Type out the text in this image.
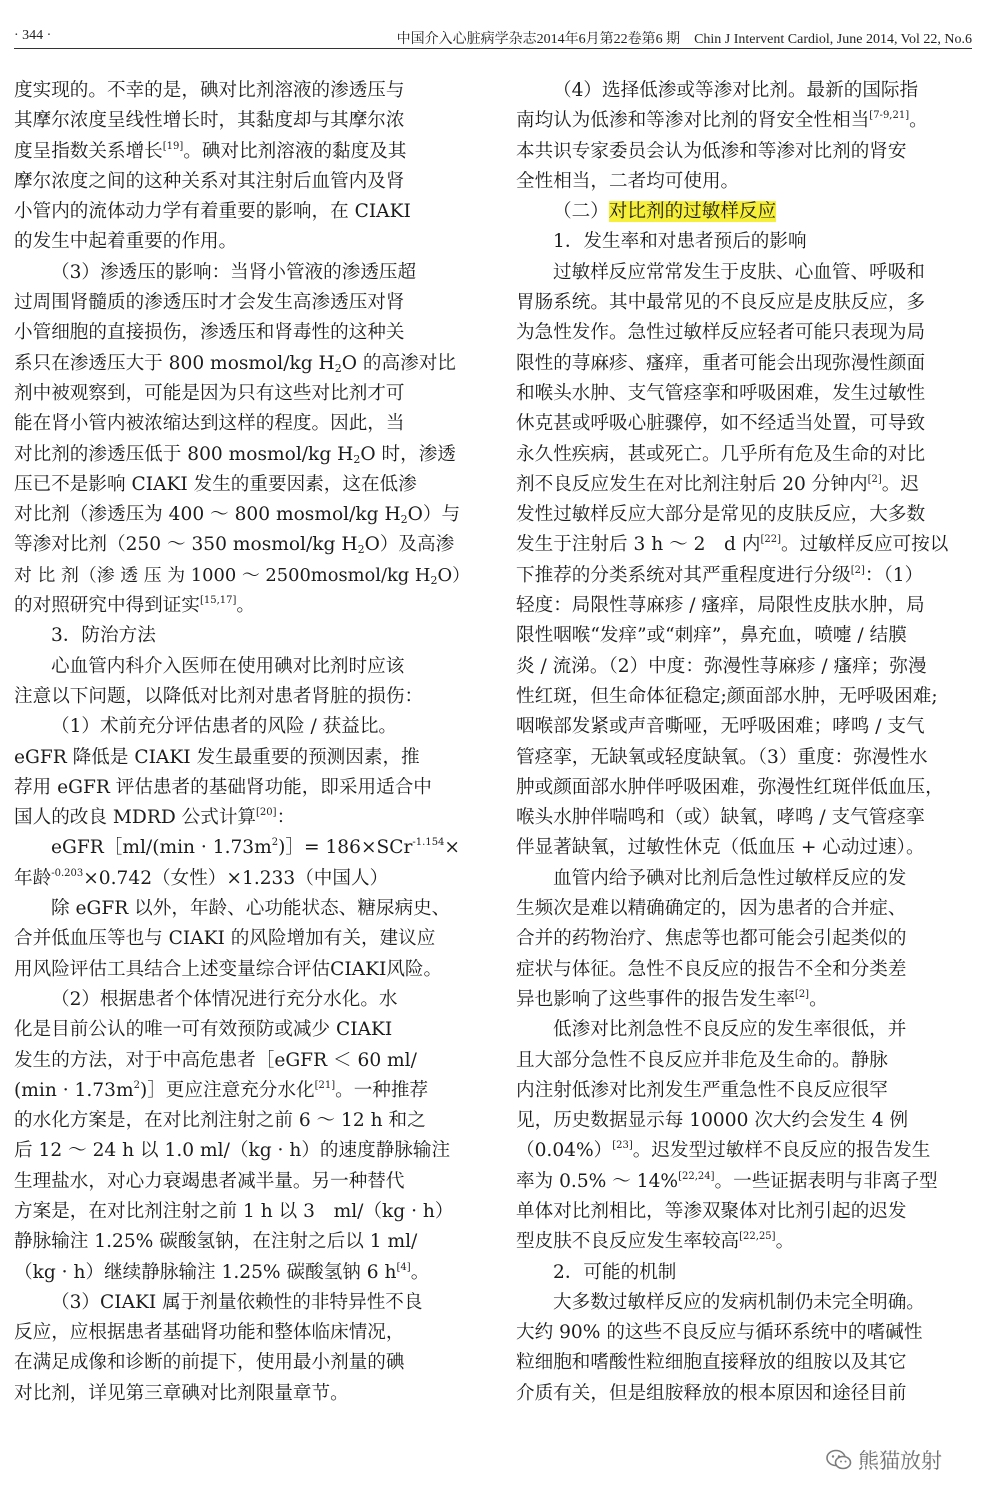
· 344 ·	中国介入心脏病学杂志2014年6月第22卷第6 期　Chin J Intervent Cardiol, June 2014, Vol 22, No.6
度实现的。不幸的是，碘对比剂溶液的渗透压与
其摩尔浓度呈线性增长时，其黏度却与其摩尔浓
度呈指数关系增长[19]。碘对比剂溶液的黏度及其
摩尔浓度之间的这种关系对其注射后血管内及肾
小管内的流体动力学有着重要的影响，在 CIAKI
的发生中起着重要的作用。
（3）渗透压的影响：当肾小管液的渗透压超
过周围肾髓质的渗透压时才会发生高渗透压对肾
小管细胞的直接损伤，渗透压和肾毒性的这种关
系只在渗透压大于 800 mosmol/kg $H_2O$ 的高渗对比
剂中被观察到，可能是因为只有这些对比剂才可
能在肾小管内被浓缩达到这样的程度。因此，当
对比剂的渗透压低于 800 mosmol/kg $H_2O$ 时，渗透
压已不是影响 CIAKI 发生的重要因素，这在低渗
对比剂（渗透压为 400 ～ 800 mosmol/kg $H_2O$）与
等渗对比剂（250 ～ 350 mosmol/kg $H_2O$）及高渗
对 比 剂（渗 透 压 为 1000 ～ 2500mosmol/kg $H_2O$）
的对照研究中得到证实[15,17]。
3．防治方法
心血管内科介入医师在使用碘对比剂时应该
注意以下问题，以降低对比剂对患者肾脏的损伤：
（1）术前充分评估患者的风险 / 获益比。
eGFR 降低是 CIAKI 发生最重要的预测因素，推
荐用 eGFR 评估患者的基础肾功能，即采用适合中
国人的改良 MDRD 公式计算[20]：
eGFR［ml/(min · $1.73m^2)]= 186\times SCr^{-1.154}\times$
年龄$^{-0.203}$×0.742（女性）×1.233（中国人）
除 eGFR 以外，年龄、心功能状态、糖尿病史、
合并低血压等也与 CIAKI 的风险增加有关，建议应
用风险评估工具结合上述变量综合评估CIAKI风险。
（2）根据患者个体情况进行充分水化。水
化是目前公认的唯一可有效预防或减少 CIAKI
发生的方法，对于中高危患者［eGFR ＜ 60 ml/
$(\min \cdot 1.73m^2)]$更应注意充分水化[21]。一种推荐
的水化方案是，在对比剂注射之前 6 ～ 12 h 和之
后 12 ～ 24 h 以 1.0 ml/（kg · h）的速度静脉输注
生理盐水，对心力衰竭患者减半量。另一种替代
方案是，在对比剂注射之前 1 h 以 3　ml/（kg · h）
静脉输注 1.25% 碳酸氢钠，在注射之后以 1 ml/
（kg · h）继续静脉输注 1.25% 碳酸氢钠 6 h[4]。
（3）CIAKI 属于剂量依赖性的非特异性不良
反应，应根据患者基础肾功能和整体临床情况，
在满足成像和诊断的前提下，使用最小剂量的碘
对比剂，详见第三章碘对比剂限量章节。
（4）选择低渗或等渗对比剂。最新的国际指
南均认为低渗和等渗对比剂的肾安全性相当[7-9,21]。
本共识专家委员会认为低渗和等渗对比剂的肾安
全性相当，二者均可使用。
（二）对比剂的过敏样反应
1．发生率和对患者预后的影响
过敏样反应常常发生于皮肤、心血管、呼吸和
胃肠系统。其中最常见的不良反应是皮肤反应，多
为急性发作。急性过敏样反应轻者可能只表现为局
限性的荨麻疹、瘙痒，重者可能会出现弥漫性颜面
和喉头水肿、支气管痉挛和呼吸困难，发生过敏性
休克甚或呼吸心脏骤停，如不经适当处置，可导致
永久性疾病，甚或死亡。几乎所有危及生命的对比
剂不良反应发生在对比剂注射后 20 分钟内[2]。迟
发性过敏样反应大部分是常见的皮肤反应，大多数
发生于注射后 3 h ～ 2　d 内[22]。过敏样反应可按以
下推荐的分类系统对其严重程度进行分级[2]：（1）
轻度：局限性荨麻疹 / 瘙痒，局限性皮肤水肿，局
限性咽喉“发痒”或“刺痒”，鼻充血，喷嚏 / 结膜
炎 / 流涕。（2）中度：弥漫性荨麻疹 / 瘙痒；弥漫
性红斑，但生命体征稳定;颜面部水肿，无呼吸困难;
咽喉部发紧或声音嘶哑，无呼吸困难；哮鸣 / 支气
管痉挛，无缺氧或轻度缺氧。（3）重度：弥漫性水
肿或颜面部水肿伴呼吸困难，弥漫性红斑伴低血压，
喉头水肿伴喘鸣和（或）缺氧，哮鸣 / 支气管痉挛
伴显著缺氧，过敏性休克（低血压 + 心动过速）。
血管内给予碘对比剂后急性过敏样反应的发
生频次是难以精确确定的，因为患者的合并症、
合并的药物治疗、焦虑等也都可能会引起类似的
症状与体征。急性不良反应的报告不全和分类差
异也影响了这些事件的报告发生率[2]。
低渗对比剂急性不良反应的发生率很低，并
且大部分急性不良反应并非危及生命的。静脉
内注射低渗对比剂发生严重急性不良反应很罕
见，历史数据显示每 10000 次大约会发生 4 例
（0.04%）[23]。迟发型过敏样不良反应的报告发生
率为 0.5% ～ 14%[22,24]。一些证据表明与非离子型
单体对比剂相比，等渗双聚体对比剂引起的迟发
型皮肤不良反应发生率较高[22,25]。
2．可能的机制
大多数过敏样反应的发病机制仍未完全明确。
大约 90% 的这些不良反应与循环系统中的嗜碱性
粒细胞和嗜酸性粒细胞直接释放的组胺以及其它
介质有关，但是组胺释放的根本原因和途径目前
熊猫放射
